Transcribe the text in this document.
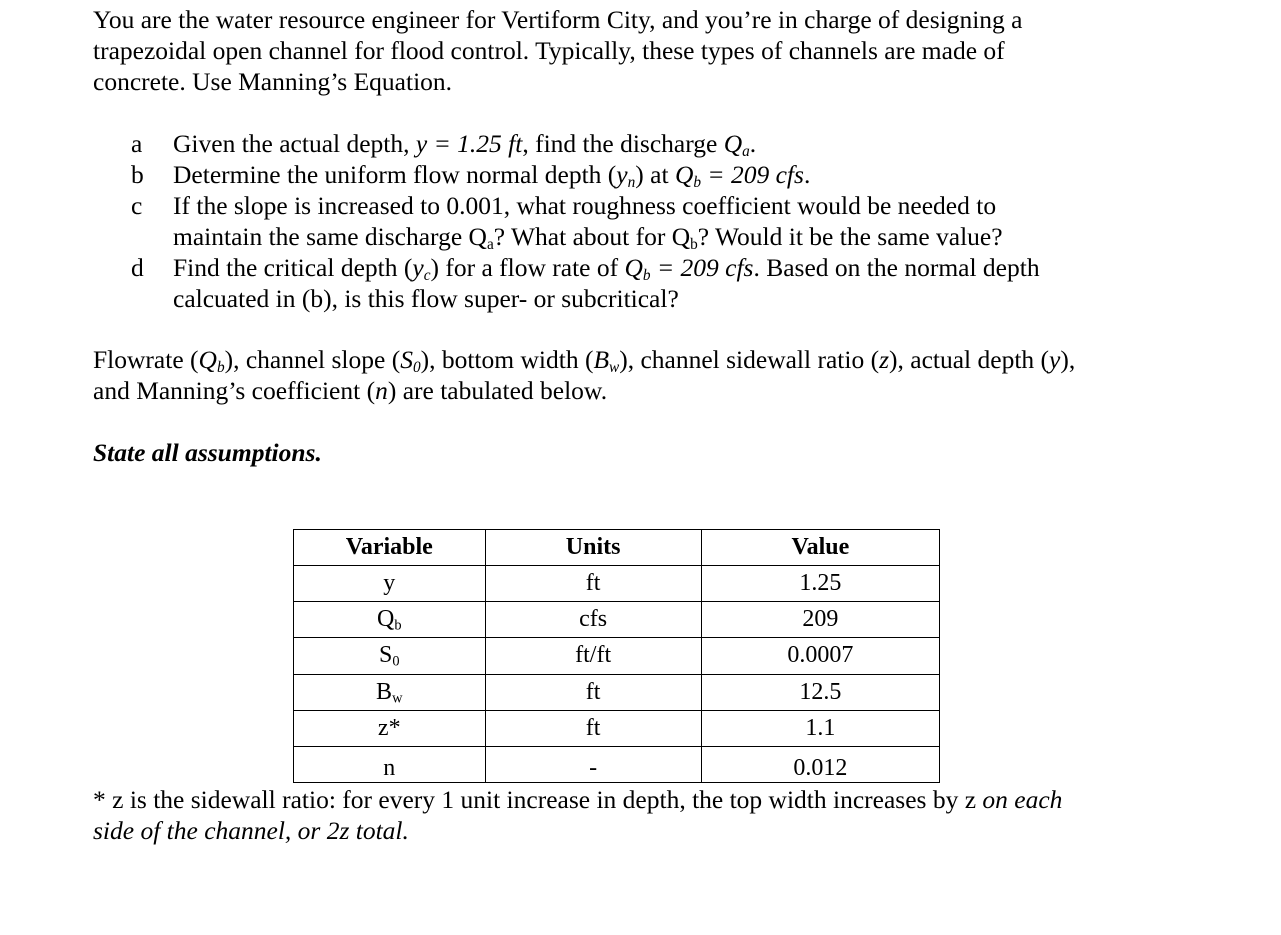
You are the water resource engineer for Vertiform City, and you’re in charge of designing a
trapezoidal open channel for flood control. Typically, these types of channels are made of
concrete. Use Manning’s Equation.
a	Given the actual depth, y = 1.25 ft, find the discharge $Q_a$.
b	Determine the uniform flow normal depth $(y_n)$ at $Q_b = 209$ cfs.
c	If the slope is increased to 0.001, what roughness coefficient would be needed to
maintain the same discharge $Q_a$? What about for $Q_b$? Would it be the same value?
d	Find the critical depth $(y_c)$ for a flow rate of $Q_b = 209$ cfs. Based on the normal depth
calcuated in (b), is this flow super- or subcritical?
Flowrate $(Q_b)$, channel slope $(S_0)$, bottom width $(B_w)$, channel sidewall ratio (z), actual depth (y),
and Manning’s coefficient (n) are tabulated below.
State all assumptions.
Variable	Units	Value
y	ft	1.25
$Q_b$	cfs	209
$S_0$	ft/ft	0.0007
$B_w$	ft	12.5
z*	ft	1.1
n	-	0.012
* z is the sidewall ratio: for every 1 unit increase in depth, the top width increases by z on each
side of the channel, or 2z total.
